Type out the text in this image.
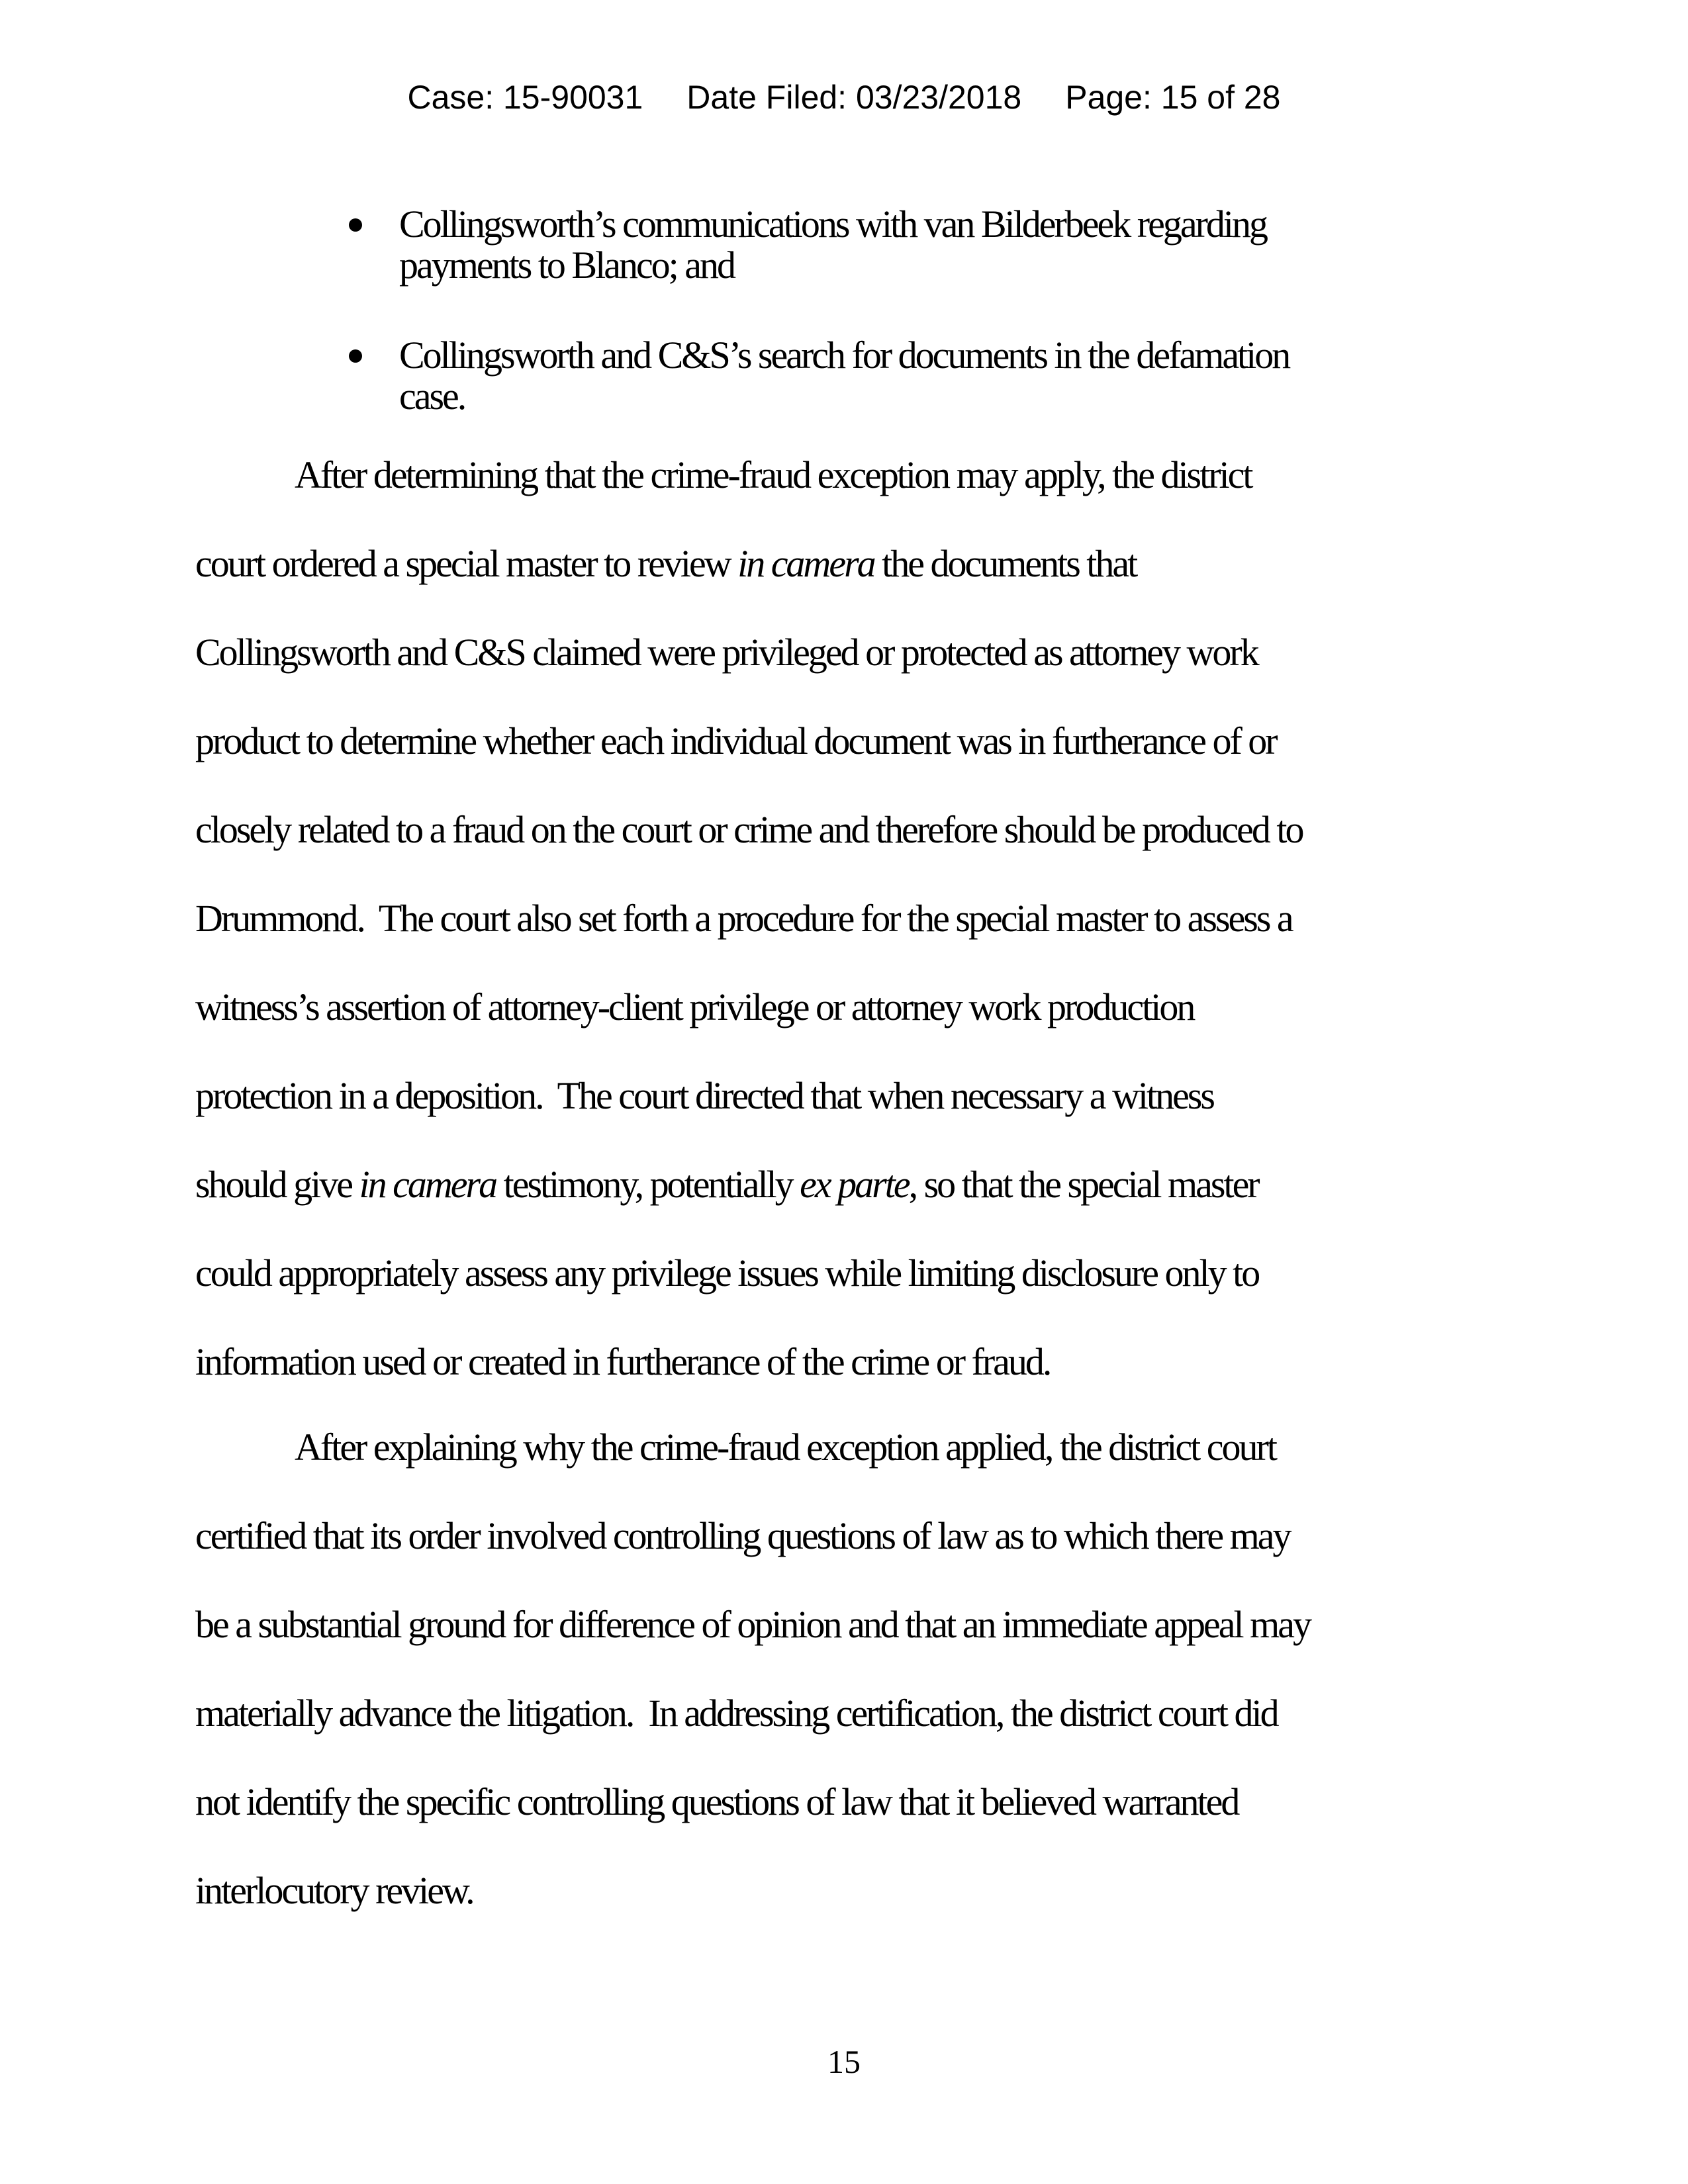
Case: 15-90031 Date Filed: 03/23/2018 Page: 15 of 28
Collingsworth’s communications with van Bilderbeek regarding
payments to Blanco; and
Collingsworth and C&S’s search for documents in the defamation
case.
After determining that the crime-fraud exception may apply, the district
court ordered a special master to review in camera the documents that
Collingsworth and C&S claimed were privileged or protected as attorney work
product to determine whether each individual document was in furtherance of or
closely related to a fraud on the court or crime and therefore should be produced to
Drummond.  The court also set forth a procedure for the special master to assess a
witness’s assertion of attorney-client privilege or attorney work production
protection in a deposition.  The court directed that when necessary a witness
should give in camera testimony, potentially ex parte, so that the special master
could appropriately assess any privilege issues while limiting disclosure only to
information used or created in furtherance of the crime or fraud.
After explaining why the crime-fraud exception applied, the district court
certified that its order involved controlling questions of law as to which there may
be a substantial ground for difference of opinion and that an immediate appeal may
materially advance the litigation.  In addressing certification, the district court did
not identify the specific controlling questions of law that it believed warranted
interlocutory review.
15
